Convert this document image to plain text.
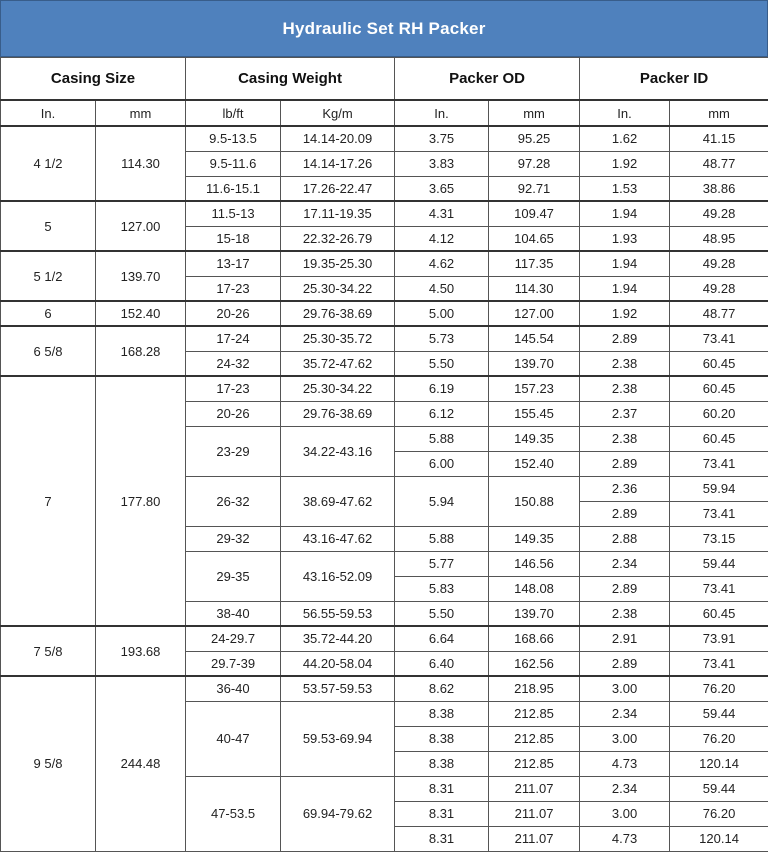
Hydraulic Set RH Packer
Casing Size		Casing Weight		Packer OD		Packer ID	
In.	mm	lb/ft	Kg/m	In.	mm	In.	mm
4 1/2	114.30	9.5-13.5	14.14-20.09	3.75	95.25	1.62	41.15
		9.5-11.6	14.14-17.26	3.83	97.28	1.92	48.77
		11.6-15.1	17.26-22.47	3.65	92.71	1.53	38.86
5	127.00	11.5-13	17.11-19.35	4.31	109.47	1.94	49.28
		15-18	22.32-26.79	4.12	104.65	1.93	48.95
5 1/2	139.70	13-17	19.35-25.30	4.62	117.35	1.94	49.28
		17-23	25.30-34.22	4.50	114.30	1.94	49.28
6	152.40	20-26	29.76-38.69	5.00	127.00	1.92	48.77
6 5/8	168.28	17-24	25.30-35.72	5.73	145.54	2.89	73.41
		24-32	35.72-47.62	5.50	139.70	2.38	60.45
7	177.80	17-23	25.30-34.22	6.19	157.23	2.38	60.45
		20-26	29.76-38.69	6.12	155.45	2.37	60.20
		23-29	34.22-43.16	5.88	149.35	2.38	60.45
				6.00	152.40	2.89	73.41
		26-32	38.69-47.62	5.94	150.88	2.36	59.94
						2.89	73.41
		29-32	43.16-47.62	5.88	149.35	2.88	73.15
		29-35	43.16-52.09	5.77	146.56	2.34	59.44
				5.83	148.08	2.89	73.41
		38-40	56.55-59.53	5.50	139.70	2.38	60.45
7 5/8	193.68	24-29.7	35.72-44.20	6.64	168.66	2.91	73.91
		29.7-39	44.20-58.04	6.40	162.56	2.89	73.41
9 5/8	244.48	36-40	53.57-59.53	8.62	218.95	3.00	76.20
		40-47	59.53-69.94	8.38	212.85	2.34	59.44
				8.38	212.85	3.00	76.20
				8.38	212.85	4.73	120.14
		47-53.5	69.94-79.62	8.31	211.07	2.34	59.44
				8.31	211.07	3.00	76.20
				8.31	211.07	4.73	120.14
